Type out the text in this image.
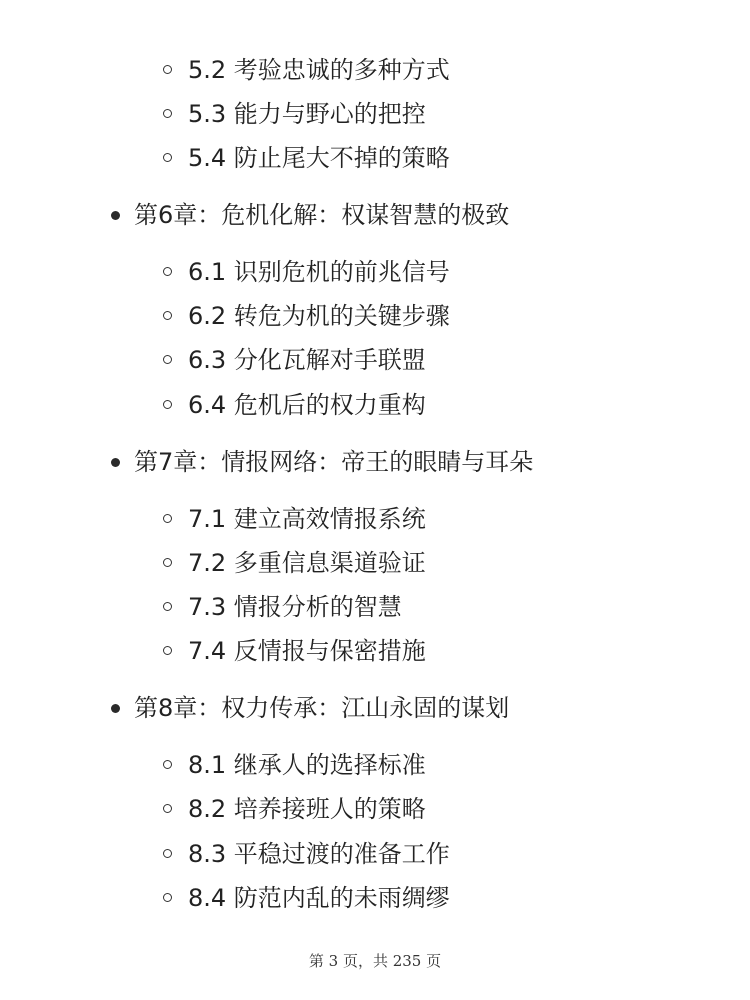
5.2 考验忠诚的多种方式
5.3 能力与野心的把控
5.4 防止尾大不掉的策略
第6章：危机化解：权谋智慧的极致
6.1 识别危机的前兆信号
6.2 转危为机的关键步骤
6.3 分化瓦解对手联盟
6.4 危机后的权力重构
第7章：情报网络：帝王的眼睛与耳朵
7.1 建立高效情报系统
7.2 多重信息渠道验证
7.3 情报分析的智慧
7.4 反情报与保密措施
第8章：权力传承：江山永固的谋划
8.1 继承人的选择标准
8.2 培养接班人的策略
8.3 平稳过渡的准备工作
8.4 防范内乱的未雨绸缪
第 3 页，共 235 页
